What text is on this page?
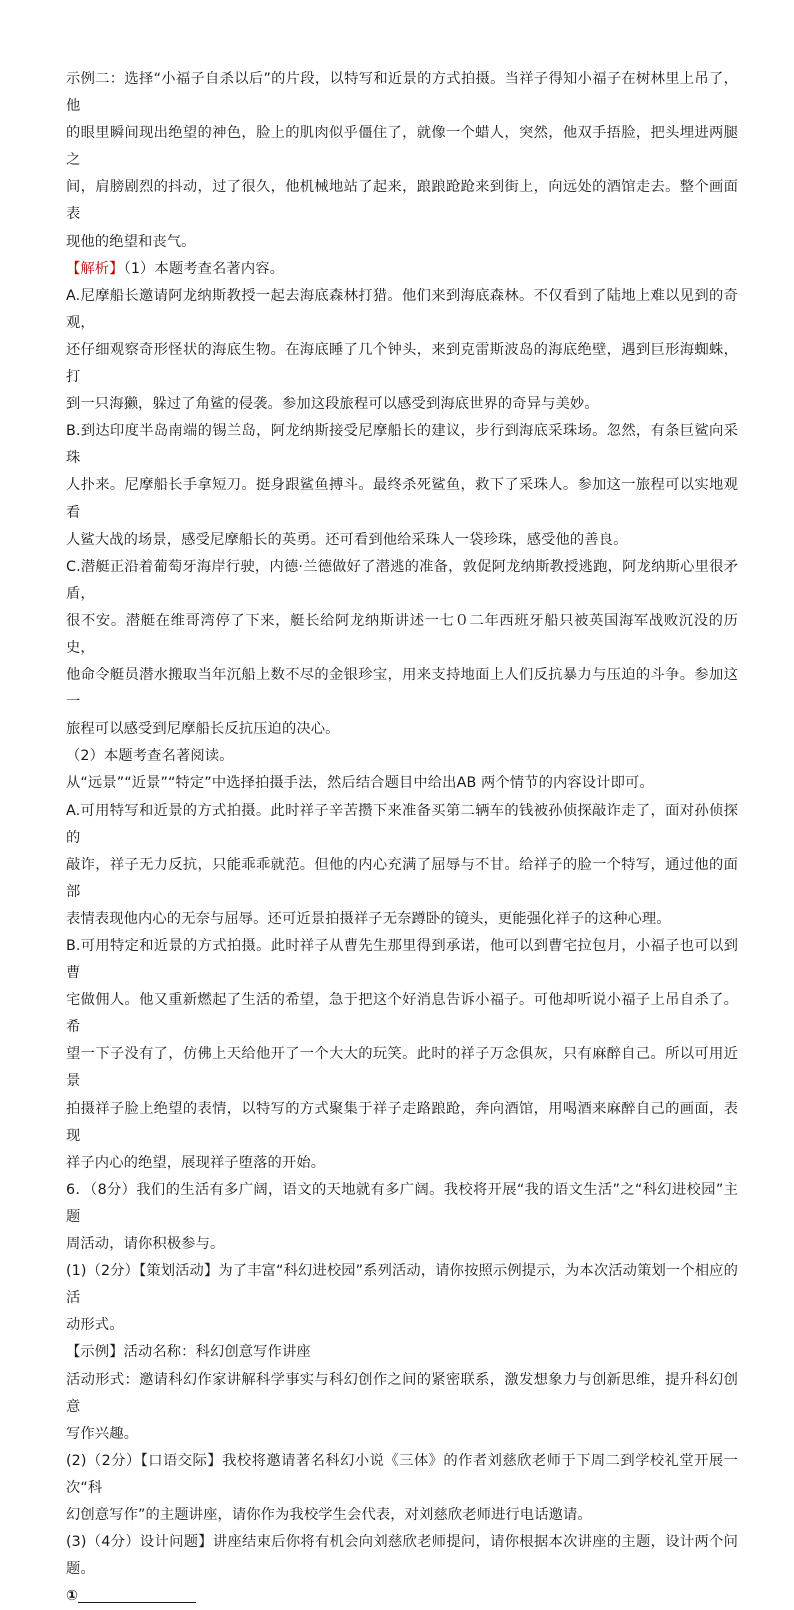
示例二：选择“小福子自杀以后”的片段，以特写和近景的方式拍摄。当祥子得知小福子在树林里上吊了，他

的眼里瞬间现出绝望的神色，脸上的肌肉似乎僵住了，就像一个蜡人，突然，他双手捂脸，把头埋进两腿之

间，肩膀剧烈的抖动，过了很久，他机械地站了起来，踉踉跄跄来到街上，向远处的酒馆走去。整个画面表

现他的绝望和丧气。

【解析】（1）本题考查名著内容。

A.尼摩船长邀请阿龙纳斯教授一起去海底森林打猎。他们来到海底森林。不仅看到了陆地上难以见到的奇观，

还仔细观察奇形怪状的海底生物。在海底睡了几个钟头，来到克雷斯波岛的海底绝壁，遇到巨形海蜘蛛，打

到一只海獭，躲过了角鲨的侵袭。参加这段旅程可以感受到海底世界的奇异与美妙。

B.到达印度半岛南端的锡兰岛，阿龙纳斯接受尼摩船长的建议，步行到海底采珠场。忽然，有条巨鲨向采珠

人扑来。尼摩船长手拿短刀。挺身跟鲨鱼搏斗。最终杀死鲨鱼，救下了采珠人。参加这一旅程可以实地观看

人鲨大战的场景，感受尼摩船长的英勇。还可看到他给采珠人一袋珍珠，感受他的善良。

C.潜艇正沿着葡萄牙海岸行驶，内德·兰德做好了潜逃的准备，敦促阿龙纳斯教授逃跑，阿龙纳斯心里很矛盾，

很不安。潜艇在维哥湾停了下来，艇长给阿龙纳斯讲述一七０二年西班牙船只被英国海军战败沉没的历史，

他命令艇员潜水搬取当年沉船上数不尽的金银珍宝，用来支持地面上人们反抗暴力与压迫的斗争。参加这一

旅程可以感受到尼摩船长反抗压迫的决心。

（2）本题考查名著阅读。

从“远景”“近景”“特定”中选择拍摄手法，然后结合题目中给出AB 两个情节的内容设计即可。

A.可用特写和近景的方式拍摄。此时祥子辛苦攒下来准备买第二辆车的钱被孙侦探敲诈走了，面对孙侦探的

敲诈，祥子无力反抗，只能乖乖就范。但他的内心充满了屈辱与不甘。给祥子的脸一个特写，通过他的面部

表情表现他内心的无奈与屈辱。还可近景拍摄祥子无奈蹲卧的镜头，更能强化祥子的这种心理。

B.可用特定和近景的方式拍摄。此时祥子从曹先生那里得到承诺，他可以到曹宅拉包月，小福子也可以到曹

宅做佣人。他又重新燃起了生活的希望，急于把这个好消息告诉小福子。可他却听说小福子上吊自杀了。希

望一下子没有了，仿佛上天给他开了一个大大的玩笑。此时的祥子万念俱灰，只有麻醉自己。所以可用近景

拍摄祥子脸上绝望的表情，以特写的方式聚集于祥子走路踉跄，奔向酒馆，用喝酒来麻醉自己的画面，表现

祥子内心的绝望，展现祥子堕落的开始。

6．（8分）我们的生活有多广阔，语文的天地就有多广阔。我校将开展“我的语文生活”之“科幻进校园”主题

周活动，请你积极参与。

(1)（2分）【策划活动】为了丰富“科幻进校园”系列活动，请你按照示例提示，为本次活动策划一个相应的活

动形式。

【示例】活动名称：科幻创意写作讲座

活动形式：邀请科幻作家讲解科学事实与科幻创作之间的紧密联系，激发想象力与创新思维，提升科幻创意

写作兴趣。

(2)（2分）【口语交际】我校将邀请著名科幻小说《三体》的作者刘慈欣老师于下周二到学校礼堂开展一次“科

幻创意写作”的主题讲座，请你作为我校学生会代表，对刘慈欣老师进行电话邀请。

(3)（4分）设计问题】讲座结束后你将有机会向刘慈欣老师提问，请你根据本次讲座的主题，设计两个问题。

①
